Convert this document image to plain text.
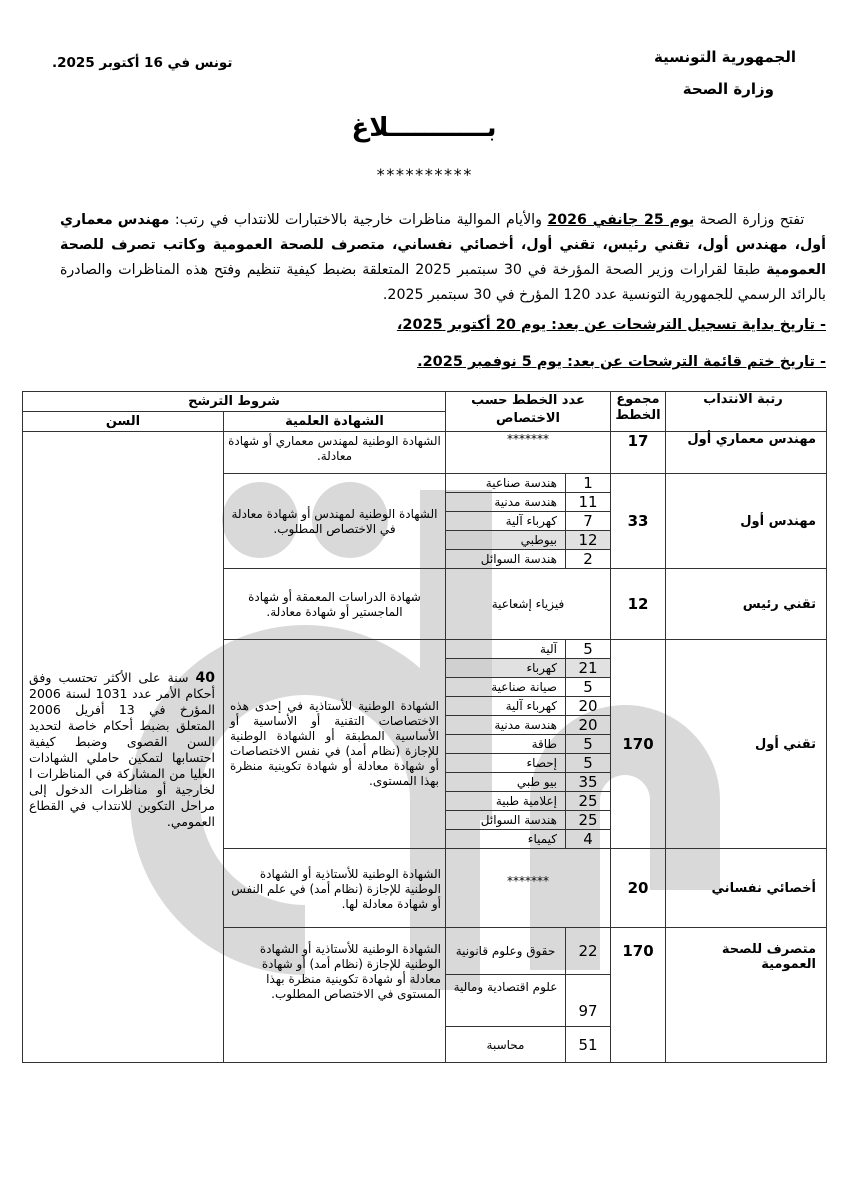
الجمهورية التونسية
وزارة الصحة
تونس في 16 أكتوبر 2025.
بـــــــــــلاغ
**********
تفتح وزارة الصحة يوم 25 جانفي 2026 والأيام الموالية مناظرات خارجية بالاختبارات للانتداب في رتب: مهندس معماري أول، مهندس أول، تقني رئيس، تقني أول، أخصائي نفساني، متصرف للصحة العمومية وكاتب تصرف للصحة العمومية طبقا لقرارات وزير الصحة المؤرخة في 30 سبتمبر 2025 المتعلقة بضبط كيفية تنظيم وفتح هذه المناظرات والصادرة بالرائد الرسمي للجمهورية التونسية عدد 120 المؤرخ في 30 سبتمبر 2025.
- تاريخ بداية تسجيل الترشحات عن بعد: يوم 20 أكتوبر 2025،
- تاريخ ختم قائمة الترشحات عن بعد: يوم 5 نوفمبر 2025.
رتبة الانتداب	مجموع الخطط	عدد الخطط حسب الاختصاص		شروط الترشح	
				الشهادة العلمية	السن
مهندس معماري أول	17	*******		الشهادة الوطنية لمهندس معماري أو شهادة معادلة.	40 سنة على الأكثر تحتسب وفق أحكام الأمر عدد 1031 لسنة 2006 المؤرخ في 13 أفريل 2006 المتعلق بضبط أحكام خاصة لتحديد السن القصوى وضبط كيفية احتسابها لتمكين حاملي الشهادات العليا من المشاركة في المناظرات ا لخارجية أو مناظرات الدخول إلى مراحل التكوين للانتداب في القطاع العمومي.
مهندس أول	33	1	هندسة صناعية	الشهادة الوطنية لمهندس أو شهادة معادلة في الاختصاص المطلوب.	
		11	هندسة مدنية		
		7	كهرباء آلية		
		12	بيوطبي		
		2	هندسة السوائل		
تقني رئيس	12	فيزياء إشعاعية		شهادة الدراسات المعمقة أو شهادة الماجستير أو شهادة معادلة.	
تقني أول	170	5	آلية	الشهادة الوطنية للأستاذية في إحدى هذه الاختصاصات التقنية أو الأساسية أو الأساسية المطبقة أو الشهادة الوطنية للإجازة (نظام أمد) في نفس الاختصاصات أو شهادة معادلة أو شهادة تكوينية منظرة بهذا المستوى.	
		21	كهرباء		
		5	صيانة صناعية		
		20	كهرباء آلية		
		20	هندسة مدنية		
		5	طاقة		
		5	إحصاء		
		35	بيو طبي		
		25	إعلامية طبية		
		25	هندسة السوائل		
		4	كيمياء		
أخصائي نفساني	20	*******		الشهادة الوطنية للأستاذية أو الشهادة الوطنية للإجازة (نظام أمد) في علم النفس أو شهادة معادلة لها.	
متصرف للصحة العمومية	170	22	حقوق وعلوم قانونية	الشهادة الوطنية للأستاذية أو الشهادة الوطنية للإجازة (نظام أمد) أو شهادة معادلة أو شهادة تكوينية منظرة بهذا المستوى في الاختصاص المطلوب.	
		97	علوم اقتصادية ومالية		
		51	محاسبة		
